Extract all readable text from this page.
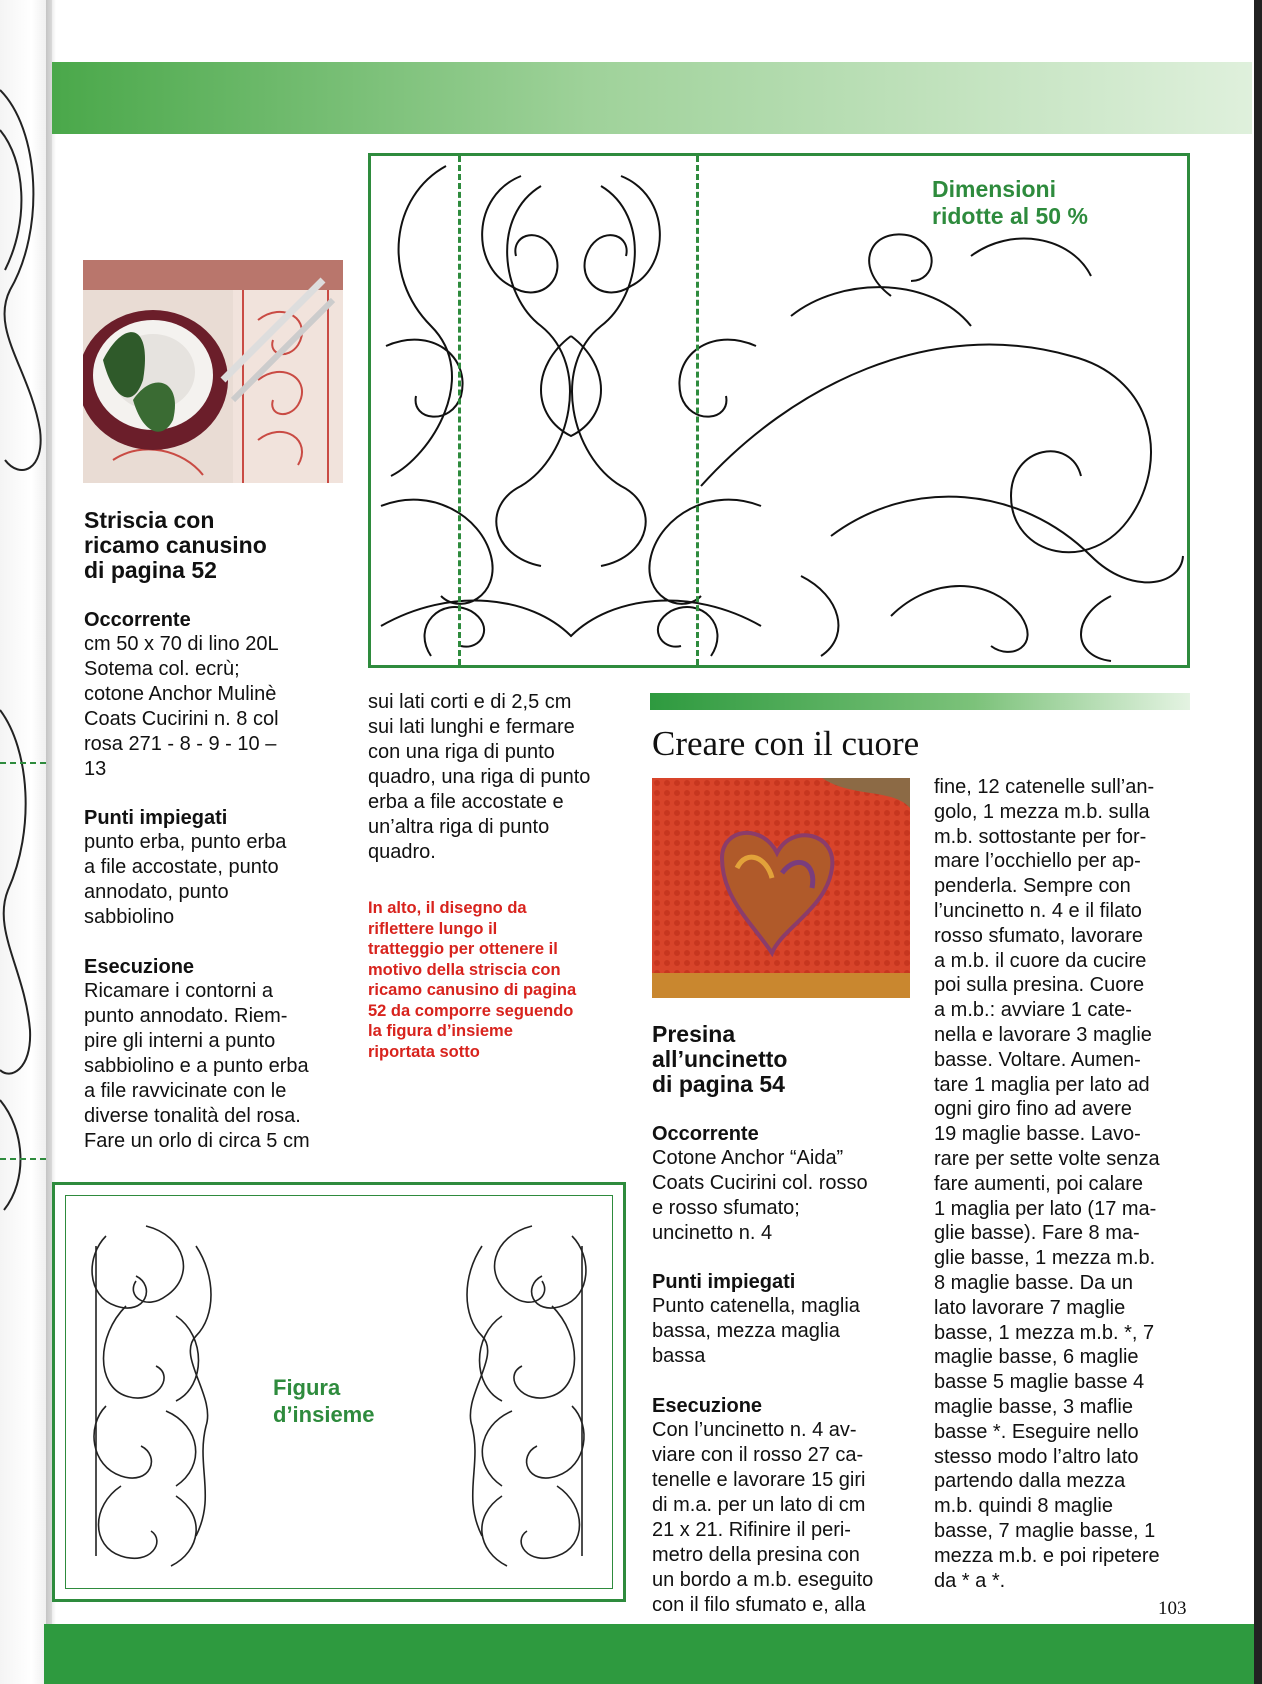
Dimensioni
ridotte al 50 %
Striscia con
ricamo canusino
di pagina 52
Occorrente
cm 50 x 70 di lino 20L
Sotema col. ecrù;
cotone Anchor Mulinè
Coats Cucirini n. 8 col
rosa 271 - 8 - 9 - 10 –
13
Punti impiegati
punto erba, punto erba
a file accostate, punto
annodato, punto
sabbiolino
Esecuzione
Ricamare i contorni a
punto annodato. Riem-
pire gli interni a punto
sabbiolino e a punto erba
a file ravvicinate con le
diverse tonalità del rosa.
Fare un orlo di circa 5 cm
sui lati corti e di 2,5 cm
sui lati lunghi e fermare
con una riga di punto
quadro, una riga di punto
erba a file accostate e
un’altra riga di punto
quadro.
In alto, il disegno da
riflettere lungo il
tratteggio per ottenere il
motivo della striscia con
ricamo canusino di pagina
52 da comporre seguendo
la figura d’insieme
riportata sotto
Figura
d’insieme
Creare con il cuore
Presina
all’uncinetto
di pagina 54
Occorrente
Cotone Anchor “Aida”
Coats Cucirini col. rosso
e rosso sfumato;
uncinetto n. 4
Punti impiegati
Punto catenella, maglia
bassa, mezza maglia
bassa
Esecuzione
Con l’uncinetto n. 4 av-
viare con il rosso 27 ca-
tenelle e lavorare 15 giri
di m.a. per un lato di cm
21 x 21. Rifinire il peri-
metro della presina con
un bordo a m.b. eseguito
con il filo sfumato e, alla
fine, 12 catenelle sull’an-
golo, 1 mezza m.b. sulla
m.b. sottostante per for-
mare l’occhiello per ap-
penderla. Sempre con
l’uncinetto n. 4 e il filato
rosso sfumato, lavorare
a m.b. il cuore da cucire
poi sulla presina. Cuore
a m.b.: avviare 1 cate-
nella e lavorare 3 maglie
basse. Voltare. Aumen-
tare 1 maglia per lato ad
ogni giro fino ad avere
19 maglie basse. Lavo-
rare per sette volte senza
fare aumenti, poi calare
1 maglia per lato (17 ma-
glie basse). Fare 8 ma-
glie basse, 1 mezza m.b.
8 maglie basse. Da un
lato lavorare 7 maglie
basse, 1 mezza m.b. *, 7
maglie basse, 6 maglie
basse 5 maglie basse 4
maglie basse, 3 maflie
basse *. Eseguire nello
stesso modo l’altro lato
partendo dalla mezza
m.b. quindi 8 maglie
basse, 7 maglie basse, 1
mezza m.b. e poi ripetere
da * a *.
103
